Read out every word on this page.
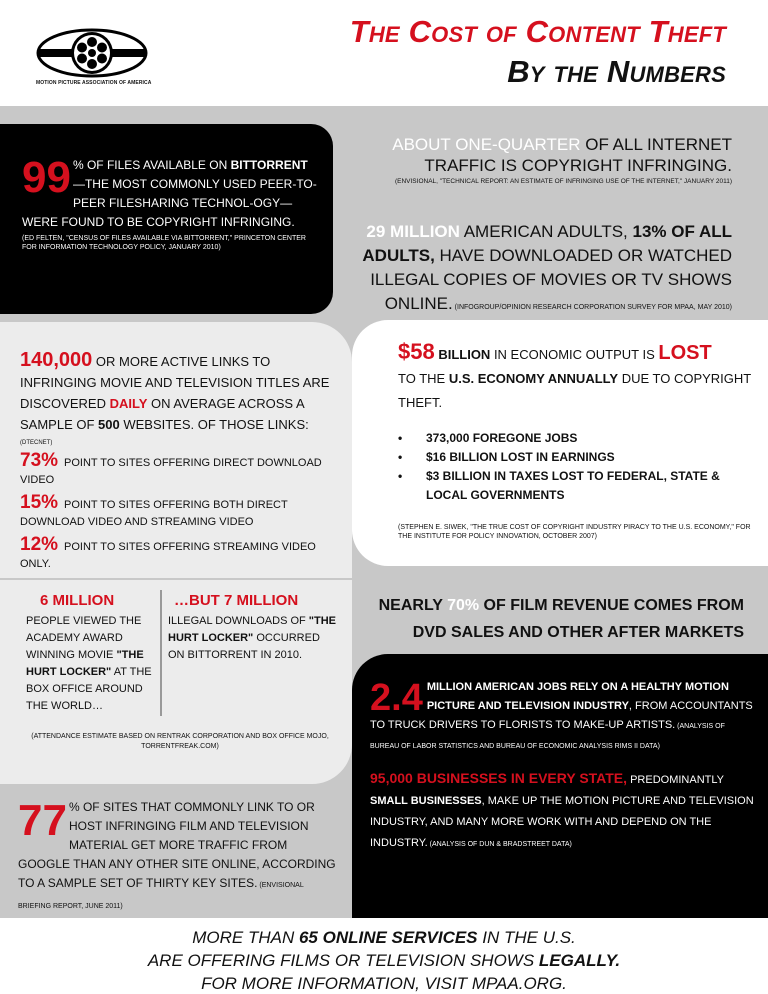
MOTION PICTURE ASSOCIATION OF AMERICA
The Cost of Content Theft
By the Numbers
99 % OF FILES AVAILABLE ON BITTORRENT—THE MOST COMMONLY USED PEER-TO-PEER FILESHARING TECHNOL-OGY—WERE FOUND TO BE COPYRIGHT INFRINGING.
(ED FELTEN, "CENSUS OF FILES AVAILABLE VIA BITTORRENT," PRINCETON CENTER FOR INFORMATION TECHNOLOGY POLICY, JANUARY 2010)
ABOUT ONE-QUARTER OF ALL INTERNET TRAFFIC IS COPYRIGHT INFRINGING.
(ENVISIONAL, "TECHNICAL REPORT: AN ESTIMATE OF INFRINGING USE OF THE INTERNET," JANUARY 2011)
29 MILLION AMERICAN ADULTS, 13% OF ALL ADULTS, HAVE DOWNLOADED OR WATCHED ILLEGAL COPIES OF MOVIES OR TV SHOWS ONLINE. (INFOGROUP/OPINION RESEARCH CORPORATION SURVEY FOR MPAA, MAY 2010)
140,000 OR MORE ACTIVE LINKS TO INFRINGING MOVIE AND TELEVISION TITLES ARE DISCOVERED DAILY ON AVERAGE ACROSS A SAMPLE OF 500 WEBSITES. OF THOSE LINKS:
(DTECNET)
73% POINT TO SITES OFFERING DIRECT DOWNLOAD VIDEO
15% POINT TO SITES OFFERING BOTH DIRECT DOWNLOAD VIDEO AND STREAMING VIDEO
12% POINT TO SITES OFFERING STREAMING VIDEO ONLY.
6 MILLION
PEOPLE VIEWED THE ACADEMY AWARD WINNING MOVIE "THE HURT LOCKER" AT THE BOX OFFICE AROUND THE WORLD…
…BUT 7 MILLION
ILLEGAL DOWNLOADS OF "THE HURT LOCKER" OCCURRED ON BITTORRENT IN 2010.
(ATTENDANCE ESTIMATE BASED ON RENTRAK CORPORATION AND BOX OFFICE MOJO, TORRENTFREAK.COM)
$58 BILLION IN ECONOMIC OUTPUT IS LOST
TO THE U.S. ECONOMY ANNUALLY DUE TO COPYRIGHT THEFT.
• 373,000 FOREGONE JOBS
• $16 BILLION LOST IN EARNINGS
• $3 BILLION IN TAXES LOST TO FEDERAL, STATE & LOCAL GOVERNMENTS
(STEPHEN E. SIWEK, "THE TRUE COST OF COPYRIGHT INDUSTRY PIRACY TO THE U.S. ECONOMY," FOR THE INSTITUTE FOR POLICY INNOVATION, OCTOBER 2007)
NEARLY 70% OF FILM REVENUE COMES FROM DVD SALES AND OTHER AFTER MARKETS
2.4 MILLION AMERICAN JOBS RELY ON A HEALTHY MOTION PICTURE AND TELEVISION INDUSTRY, FROM ACCOUNTANTS TO TRUCK DRIVERS TO FLORISTS TO MAKE-UP ARTISTS. (ANALYSIS OF BUREAU OF LABOR STATISTICS AND BUREAU OF ECONOMIC ANALYSIS RIMS II DATA)
95,000 BUSINESSES IN EVERY STATE, PREDOMINANTLY SMALL BUSINESSES, MAKE UP THE MOTION PICTURE AND TELEVISION INDUSTRY, AND MANY MORE WORK WITH AND DEPEND ON THE INDUSTRY. (ANALYSIS OF DUN & BRADSTREET DATA)
77 % OF SITES THAT COMMONLY LINK TO OR HOST INFRINGING FILM AND TELEVISION MATERIAL GET MORE TRAFFIC FROM GOOGLE THAN ANY OTHER SITE ONLINE, ACCORDING TO A SAMPLE SET OF THIRTY KEY SITES. (ENVISIONAL BRIEFING REPORT, JUNE 2011)
MORE THAN 65 ONLINE SERVICES IN THE U.S.
ARE OFFERING FILMS OR TELEVISION SHOWS LEGALLY.
FOR MORE INFORMATION, VISIT MPAA.ORG.
